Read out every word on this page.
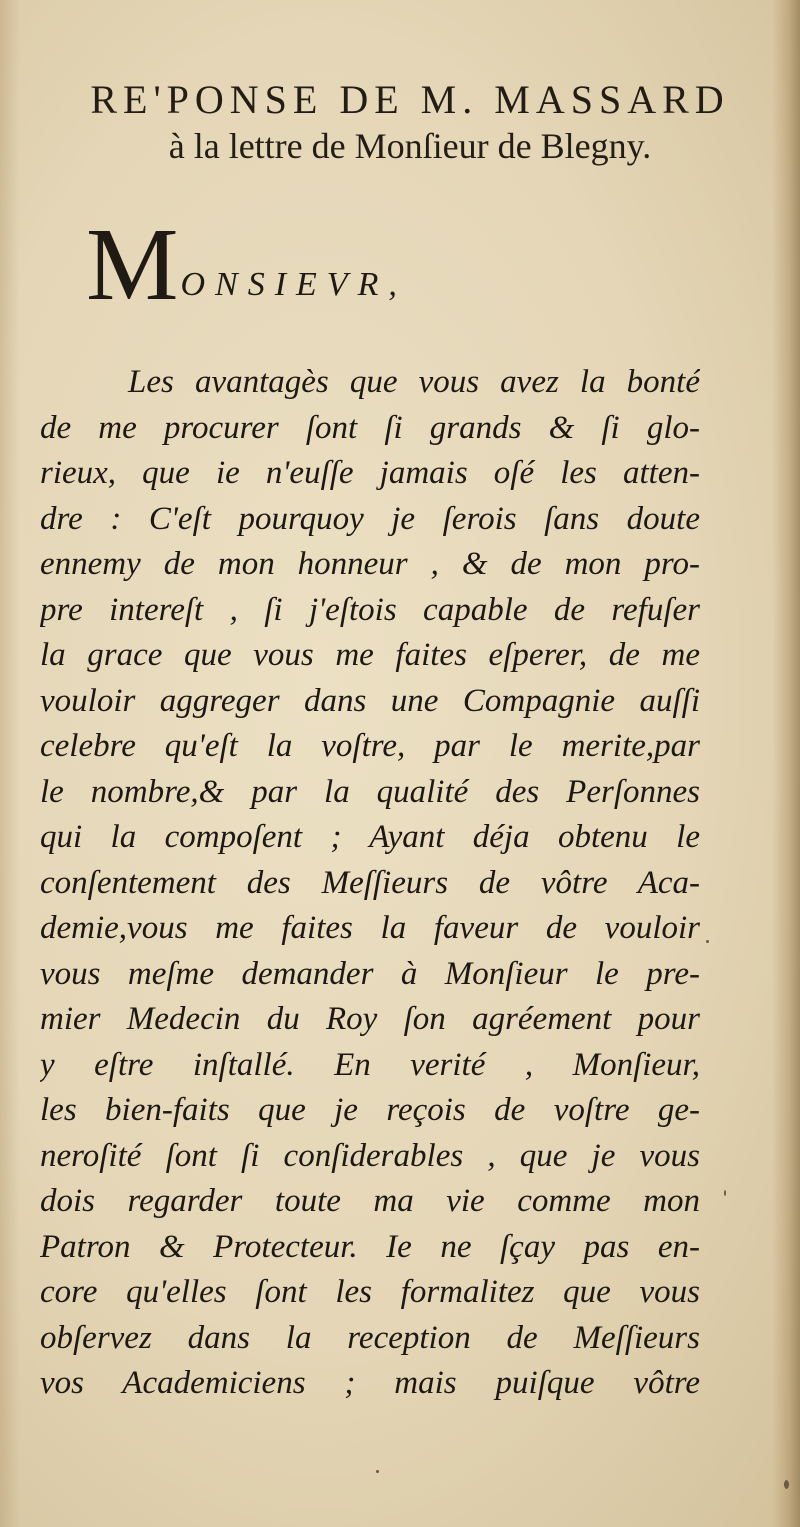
RE'PONSE DE M. MASSARD
à la lettre de Monſieur de Blegny.
MONSIEVR,
Les avantagès que vous avez la bonté
de me procurer ſont ſi grands & ſi glo-
rieux, que ie n'euſſe jamais oſé les atten-
dre : C'eſt pourquoy je ſerois ſans doute
ennemy de mon honneur , & de mon pro-
pre intereſt , ſi j'eſtois capable de refuſer
la grace que vous me faites eſperer, de me
vouloir aggreger dans une Compagnie auſſi
celebre qu'eſt la voſtre, par le merite,par
le nombre,& par la qualité des Perſonnes
qui la compoſent ; Ayant déja obtenu le
conſentement des Meſſieurs de vôtre Aca-
demie,vous me faites la faveur de vouloir
vous meſme demander à Monſieur le pre-
mier Medecin du Roy ſon agréement pour
y eſtre inſtallé. En verité , Monſieur,
les bien-faits que je reçois de voſtre ge-
neroſité ſont ſi conſiderables , que je vous
dois regarder toute ma vie comme mon
Patron & Protecteur. Ie ne ſçay pas en-
core qu'elles ſont les formalitez que vous
obſervez dans la reception de Meſſieurs
vos Academiciens ; mais puiſque vôtre
